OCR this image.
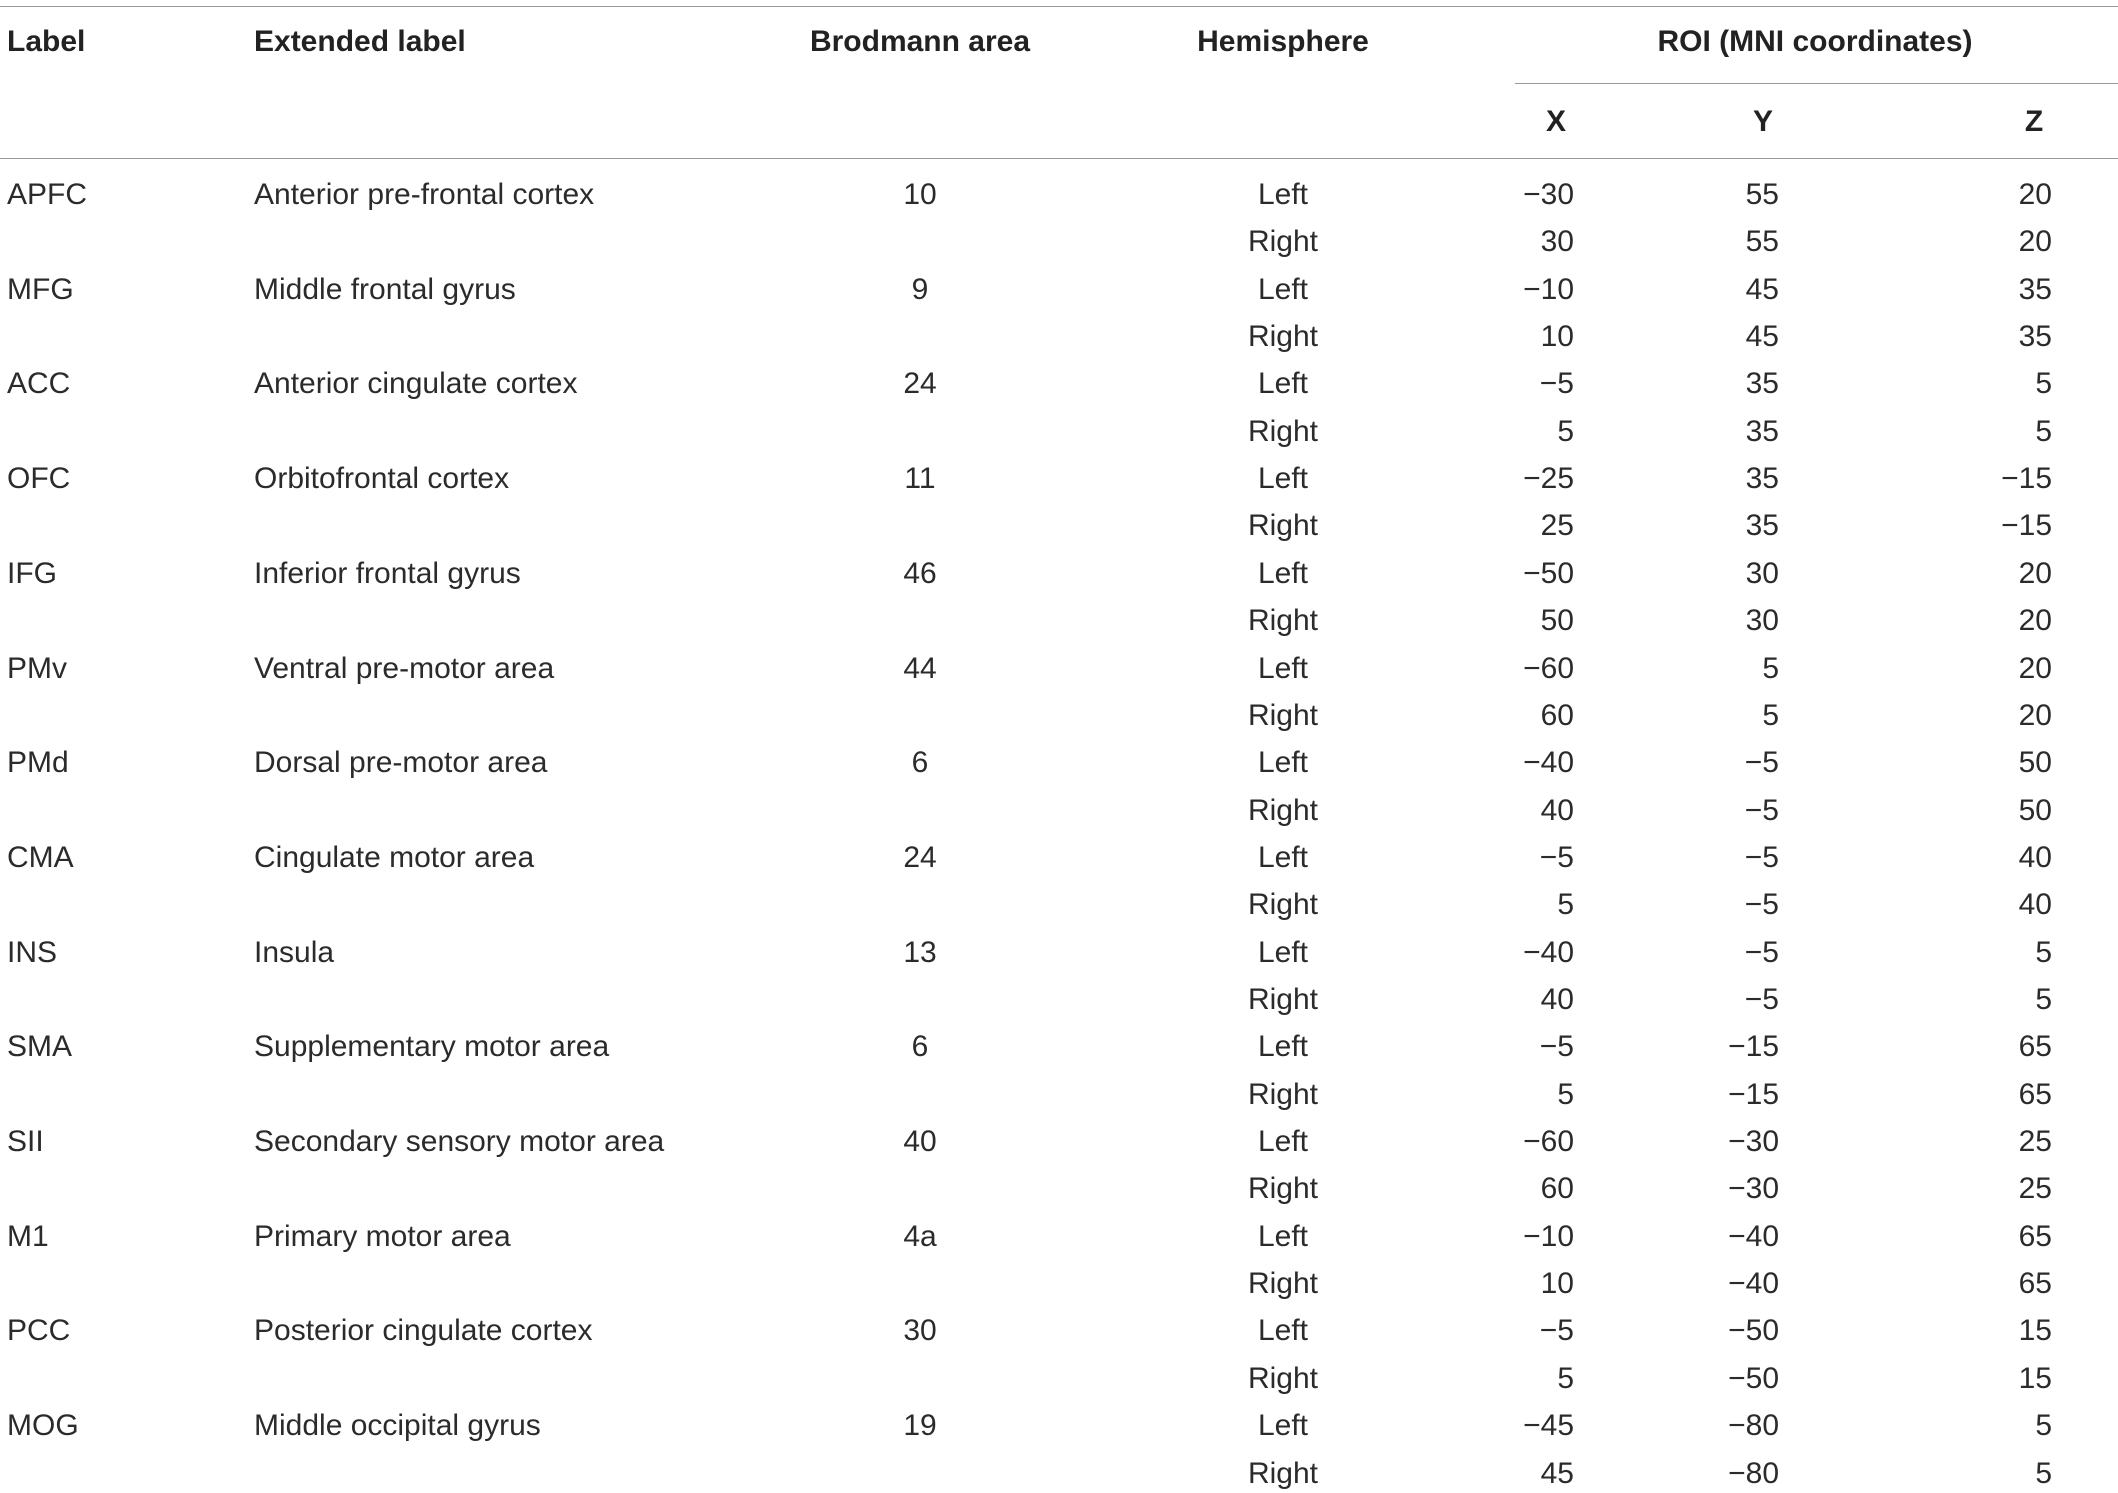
Label	Extended label	Brodmann area	Hemisphere	ROI (MNI coordinates)
X	Y	Z
APFC	Anterior pre-frontal cortex	10	Left	−30	55	20
Right	30	55	20
MFG	Middle frontal gyrus	9	Left	−10	45	35
Right	10	45	35
ACC	Anterior cingulate cortex	24	Left	−5	35	5
Right	5	35	5
OFC	Orbitofrontal cortex	11	Left	−25	35	−15
Right	25	35	−15
IFG	Inferior frontal gyrus	46	Left	−50	30	20
Right	50	30	20
PMv	Ventral pre-motor area	44	Left	−60	5	20
Right	60	5	20
PMd	Dorsal pre-motor area	6	Left	−40	−5	50
Right	40	−5	50
CMA	Cingulate motor area	24	Left	−5	−5	40
Right	5	−5	40
INS	Insula	13	Left	−40	−5	5
Right	40	−5	5
SMA	Supplementary motor area	6	Left	−5	−15	65
Right	5	−15	65
SII	Secondary sensory motor area	40	Left	−60	−30	25
Right	60	−30	25
M1	Primary motor area	4a	Left	−10	−40	65
Right	10	−40	65
PCC	Posterior cingulate cortex	30	Left	−5	−50	15
Right	5	−50	15
MOG	Middle occipital gyrus	19	Left	−45	−80	5
Right	45	−80	5
